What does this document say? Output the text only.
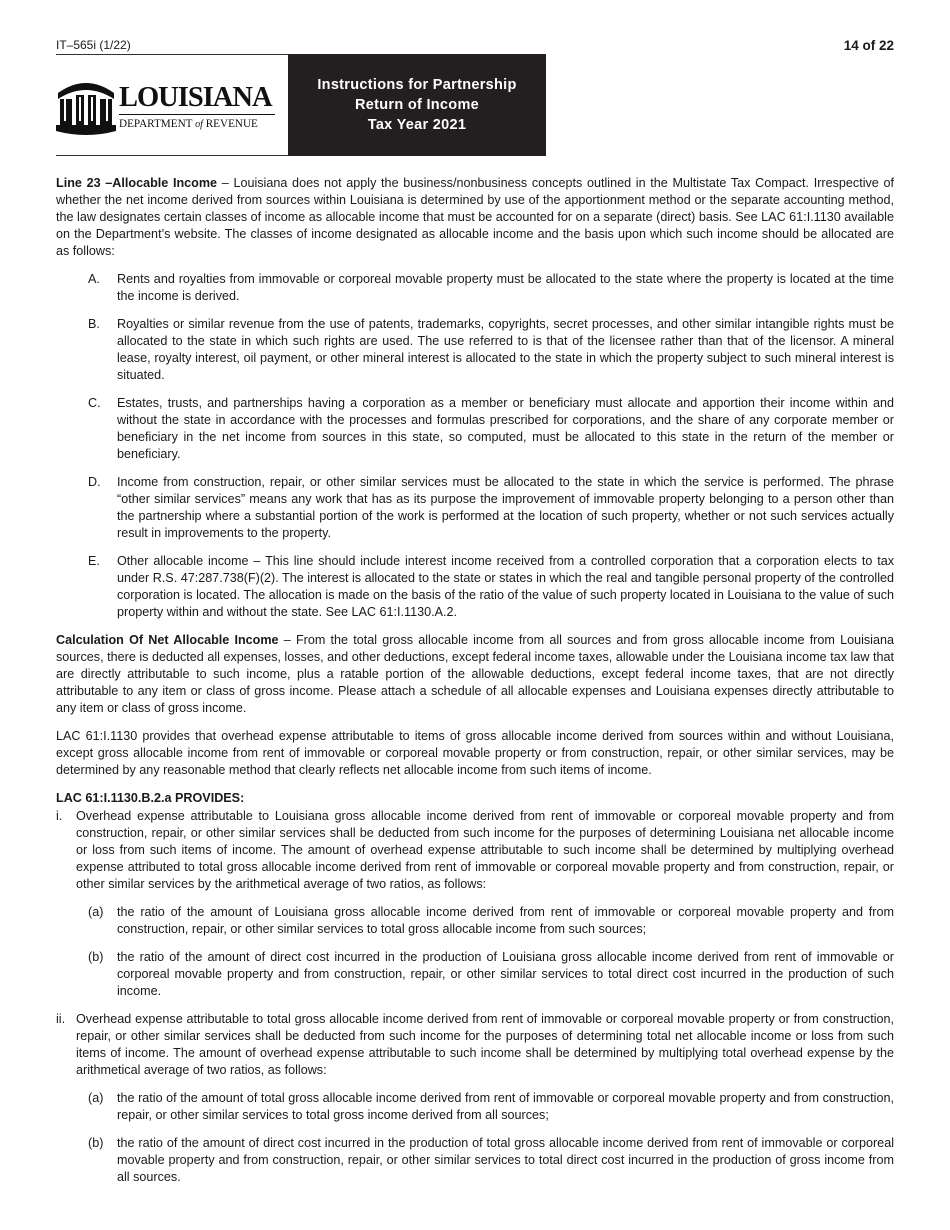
IT–565i (1/22)	14 of 22
LOUISIANA
DEPARTMENT of REVENUE
Instructions for Partnership
Return of Income
Tax Year 2021

Line 23 –Allocable Income – Louisiana does not apply the business/nonbusiness concepts outlined in the Multistate Tax Compact. Irrespective of whether the net income derived from sources within Louisiana is determined by use of the apportionment method or the separate accounting method, the law designates certain classes of income as allocable income that must be accounted for on a separate (direct) basis. See LAC 61:I.1130 available on the Department’s website. The classes of income designated as allocable income and the basis upon which such income should be allocated are as follows:

A.	Rents and royalties from immovable or corporeal movable property must be allocated to the state where the property is located at the time the income is derived.
B.	Royalties or similar revenue from the use of patents, trademarks, copyrights, secret processes, and other similar intangible rights must be allocated to the state in which such rights are used. The use referred to is that of the licensee rather than that of the licensor. A mineral lease, royalty interest, oil payment, or other mineral interest is allocated to the state in which the property subject to such mineral interest is situated.
C.	Estates, trusts, and partnerships having a corporation as a member or beneficiary must allocate and apportion their income within and without the state in accordance with the processes and formulas prescribed for corporations, and the share of any corporate member or beneficiary in the net income from sources in this state, so computed, must be allocated to this state in the return of the member or beneficiary.
D.	Income from construction, repair, or other similar services must be allocated to the state in which the service is performed. The phrase “other similar services” means any work that has as its purpose the improvement of immovable property belonging to a person other than the partnership where a substantial portion of the work is performed at the location of such property, whether or not such services actually result in improvements to the property.
E.	Other allocable income – This line should include interest income received from a controlled corporation that a corporation elects to tax under R.S. 47:287.738(F)(2). The interest is allocated to the state or states in which the real and tangible personal property of the controlled corporation is located. The allocation is made on the basis of the ratio of the value of such property located in Louisiana to the value of such property within and without the state. See LAC 61:I.1130.A.2.

Calculation Of Net Allocable Income – From the total gross allocable income from all sources and from gross allocable income from Louisiana sources, there is deducted all expenses, losses, and other deductions, except federal income taxes, allowable under the Louisiana income tax law that are directly attributable to such income, plus a ratable portion of the allowable deductions, except federal income taxes, that are not directly attributable to any item or class of gross income. Please attach a schedule of all allocable expenses and Louisiana expenses directly attributable to any item or class of gross income.

LAC 61:I.1130 provides that overhead expense attributable to items of gross allocable income derived from sources within and without Louisiana, except gross allocable income from rent of immovable or corporeal movable property or from construction, repair, or other similar services, may be determined by any reasonable method that clearly reflects net allocable income from such items of income.

LAC 61:I.1130.B.2.a PROVIDES:
i.	Overhead expense attributable to Louisiana gross allocable income derived from rent of immovable or corporeal movable property and from construction, repair, or other similar services shall be deducted from such income for the purposes of determining Louisiana net allocable income or loss from such items of income. The amount of overhead expense attributable to such income shall be determined by multiplying overhead expense attributed to total gross allocable income derived from rent of immovable or corporeal movable property and from construction, repair, or other similar services by the arithmetical average of two ratios, as follows:
(a)	the ratio of the amount of Louisiana gross allocable income derived from rent of immovable or corporeal movable property and from construction, repair, or other similar services to total gross allocable income from such sources;
(b)	the ratio of the amount of direct cost incurred in the production of Louisiana gross allocable income derived from rent of immovable or corporeal movable property and from construction, repair, or other similar services to total direct cost incurred in the production of such income.
ii. Overhead expense attributable to total gross allocable income derived from rent of immovable or corporeal movable property or from construction, repair, or other similar services shall be deducted from such income for the purposes of determining total net allocable income or loss from such items of income. The amount of overhead expense attributable to such income shall be determined by multiplying total overhead expense by the arithmetical average of two ratios, as follows:
(a)	the ratio of the amount of total gross allocable income derived from rent of immovable or corporeal movable property and from construction, repair, or other similar services to total gross income derived from all sources;
(b)	the ratio of the amount of direct cost incurred in the production of total gross allocable income derived from rent of immovable or corporeal movable property and from construction, repair, or other similar services to total direct cost incurred in the production of gross income from all sources.
